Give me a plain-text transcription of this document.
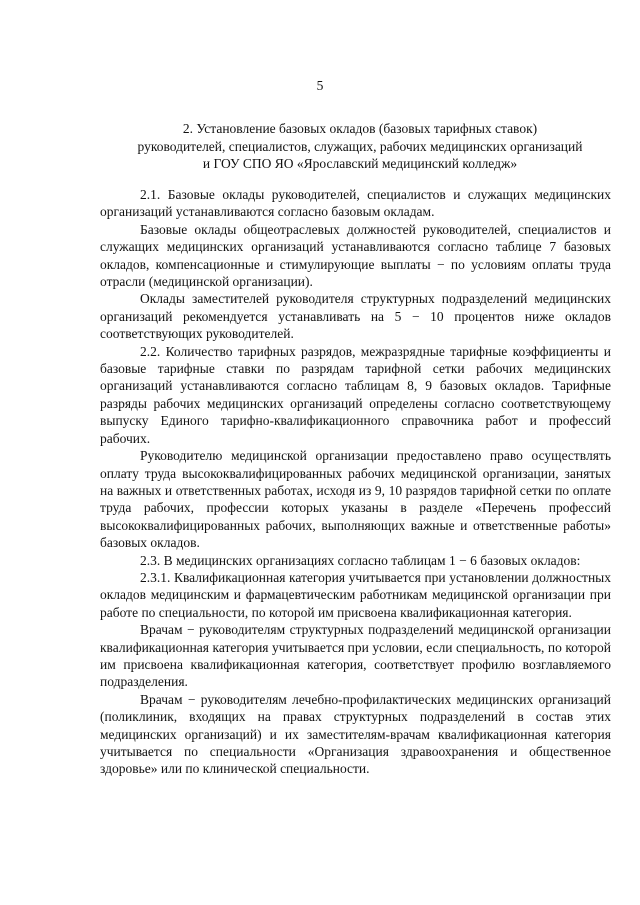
5
2. Установление базовых окладов (базовых тарифных ставок)
руководителей, специалистов, служащих, рабочих медицинских организаций
и ГОУ СПО ЯО «Ярославский медицинский колледж»

2.1. Базовые оклады руководителей, специалистов и служащих медицинских организаций устанавливаются согласно базовым окладам.

Базовые оклады общеотраслевых должностей руководителей, специалистов и служащих медицинских организаций устанавливаются согласно таблице 7 базовых окладов, компенсационные и стимулирующие выплаты − по условиям оплаты труда отрасли (медицинской организации).

Оклады заместителей руководителя структурных подразделений медицинских организаций рекомендуется устанавливать на 5 − 10 процентов ниже окладов соответствующих руководителей.

2.2. Количество тарифных разрядов, межразрядные тарифные коэффициенты и базовые тарифные ставки по разрядам тарифной сетки рабочих медицинских организаций устанавливаются согласно таблицам 8, 9 базовых окладов. Тарифные разряды рабочих медицинских организаций определены согласно соответствующему выпуску Единого тарифно-квалификационного справочника работ и профессий рабочих.

Руководителю медицинской организации предоставлено право осуществлять оплату труда высококвалифицированных рабочих медицинской организации, занятых на важных и ответственных работах, исходя из 9, 10 разрядов тарифной сетки по оплате труда рабочих, профессии которых указаны в разделе «Перечень профессий высококвалифицированных рабочих, выполняющих важные и ответственные работы» базовых окладов.

2.3. В медицинских организациях согласно таблицам 1 − 6 базовых окладов:

2.3.1. Квалификационная категория учитывается при установлении должностных окладов медицинским и фармацевтическим работникам медицинской организации при работе по специальности, по которой им присвоена квалификационная категория.

Врачам − руководителям структурных подразделений медицинской организации квалификационная категория учитывается при условии, если специальность, по которой им присвоена квалификационная категория, соответствует профилю возглавляемого подразделения.

Врачам − руководителям лечебно-профилактических медицинских организаций (поликлиник, входящих на правах структурных подразделений в состав этих медицинских организаций) и их заместителям-врачам квалификационная категория учитывается по специальности «Организация здравоохранения и общественное здоровье» или по клинической специальности.
